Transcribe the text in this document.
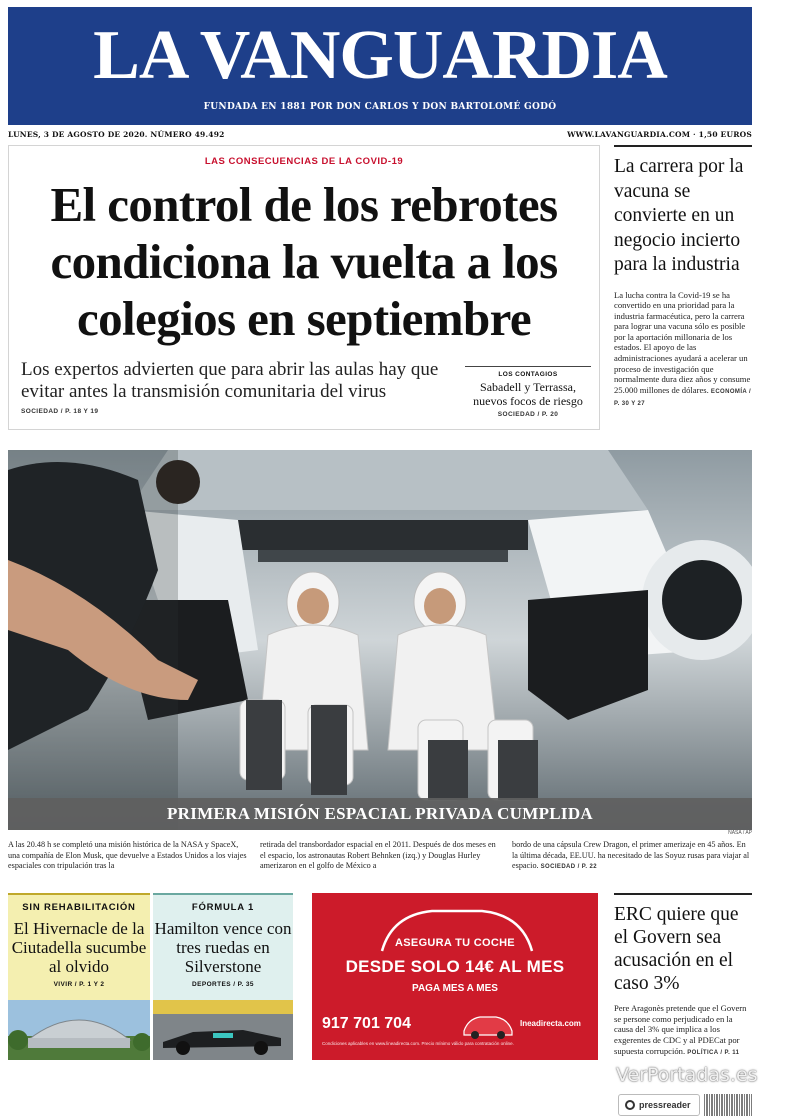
LA VANGUARDIA
FUNDADA EN 1881 POR DON CARLOS Y DON BARTOLOMÉ GODÓ
LUNES, 3 DE AGOSTO DE 2020. NÚMERO 49.492	WWW.LAVANGUARDIA.COM · 1,50 EUROS
LAS CONSECUENCIAS DE LA COVID-19
El control de los rebrotes condiciona la vuelta a los colegios en septiembre
Los expertos advierten que para abrir las aulas hay que evitar antes la transmisión comunitaria del virus
SOCIEDAD / P. 18 Y 19
LOS CONTAGIOS
Sabadell y Terrassa, nuevos focos de riesgo
SOCIEDAD / P. 20
La carrera por la vacuna se convierte en un negocio incierto para la industria
La lucha contra la Covid-19 se ha convertido en una prioridad para la industria farmacéutica, pero la carrera para lograr una vacuna sólo es posible por la aportación millonaria de los estados. El apoyo de las administraciones ayudará a acelerar un proceso de investigación que normalmente dura diez años y consume 25.000 millones de dólares. ECONOMÍA / P. 30 Y 27
PRIMERA MISIÓN ESPACIAL PRIVADA CUMPLIDA
NASA / AP
A las 20.48 h se completó una misión histórica de la NASA y SpaceX, una compañía de Elon Musk, que devuelve a Estados Unidos a los viajes espaciales con tripulación tras la
retirada del transbordador espacial en el 2011. Después de dos meses en el espacio, los astronautas Robert Behnken (izq.) y Douglas Hurley amerizaron en el golfo de México a
bordo de una cápsula Crew Dragon, el primer amerizaje en 45 años. En la última década, EE.UU. ha necesitado de las Soyuz rusas para viajar al espacio. SOCIEDAD / P. 22
SIN REHABILITACIÓN
El Hivernacle de la Ciutadella sucumbe al olvido
VIVIR / P. 1 Y 2
FÓRMULA 1
Hamilton vence con tres ruedas en Silverstone
DEPORTES / P. 35
ASEGURA TU COCHE
DESDE SOLO 14€ AL MES
PAGA MES A MES
917 701 704	Ineadirecta.com
Condiciones aplicables en www.lineadirecta.com. Precio mínimo válido para contratación online.
ERC quiere que el Govern sea acusación en el caso 3%
Pere Aragonès pretende que el Govern se persone como perjudicado en la causa del 3% que implica a los exgerentes de CDC y al PDECat por supuesta corrupción. POLÍTICA / P. 11
VerPortadas.es
pressreader
